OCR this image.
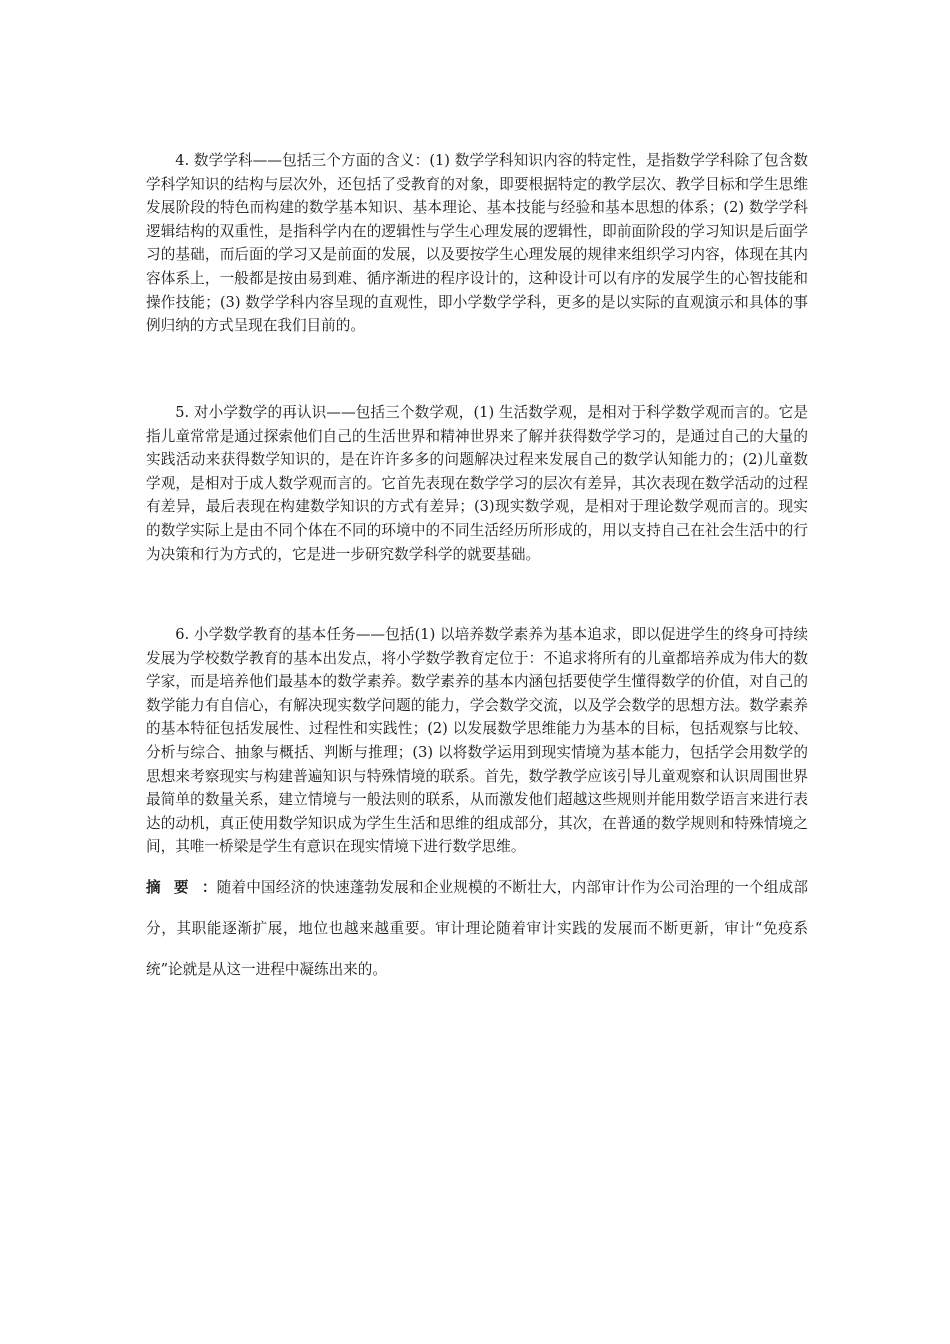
4. 数学学科——包括三个方面的含义：(1) 数学学科知识内容的特定性，是指数学学科除了包含数学科学知识的结构与层次外，还包括了受教育的对象，即要根据特定的教学层次、教学目标和学生思维发展阶段的特色而构建的数学基本知识、基本理论、基本技能与经验和基本思想的体系；(2) 数学学科逻辑结构的双重性，是指科学内在的逻辑性与学生心理发展的逻辑性，即前面阶段的学习知识是后面学习的基础，而后面的学习又是前面的发展，以及要按学生心理发展的规律来组织学习内容，体现在其内容体系上，一般都是按由易到难、循序渐进的程序设计的，这种设计可以有序的发展学生的心智技能和操作技能；(3) 数学学科内容呈现的直观性，即小学数学学科，更多的是以实际的直观演示和具体的事例归纳的方式呈现在我们目前的。

5. 对小学数学的再认识——包括三个数学观，(1) 生活数学观，是相对于科学数学观而言的。它是指儿童常常是通过探索他们自己的生活世界和精神世界来了解并获得数学学习的，是通过自己的大量的实践活动来获得数学知识的，是在许许多多的问题解决过程来发展自己的数学认知能力的；(2)儿童数学观，是相对于成人数学观而言的。它首先表现在数学学习的层次有差异，其次表现在数学活动的过程有差异，最后表现在构建数学知识的方式有差异；(3)现实数学观，是相对于理论数学观而言的。现实的数学实际上是由不同个体在不同的环境中的不同生活经历所形成的，用以支持自己在社会生活中的行为决策和行为方式的，它是进一步研究数学科学的就要基础。

6. 小学数学教育的基本任务——包括(1) 以培养数学素养为基本追求，即以促进学生的终身可持续发展为学校数学教育的基本出发点，将小学数学教育定位于：不追求将所有的儿童都培养成为伟大的数学家，而是培养他们最基本的数学素养。数学素养的基本内涵包括要使学生懂得数学的价值，对自己的数学能力有自信心，有解决现实数学问题的能力，学会数学交流，以及学会数学的思想方法。数学素养的基本特征包括发展性、过程性和实践性；(2) 以发展数学思维能力为基本的目标，包括观察与比较、分析与综合、抽象与概括、判断与推理；(3) 以将数学运用到现实情境为基本能力，包括学会用数学的思想来考察现实与构建普遍知识与特殊情境的联系。首先，数学教学应该引导儿童观察和认识周围世界最简单的数量关系，建立情境与一般法则的联系，从而激发他们超越这些规则并能用数学语言来进行表达的动机，真正使用数学知识成为学生生活和思维的组成部分，其次，在普通的数学规则和特殊情境之间，其唯一桥梁是学生有意识在现实情境下进行数学思维。

摘要：随着中国经济的快速蓬勃发展和企业规模的不断壮大，内部审计作为公司治理的一个组成部分，其职能逐渐扩展，地位也越来越重要。审计理论随着审计实践的发展而不断更新，审计“免疫系统”论就是从这一进程中凝练出来的。
